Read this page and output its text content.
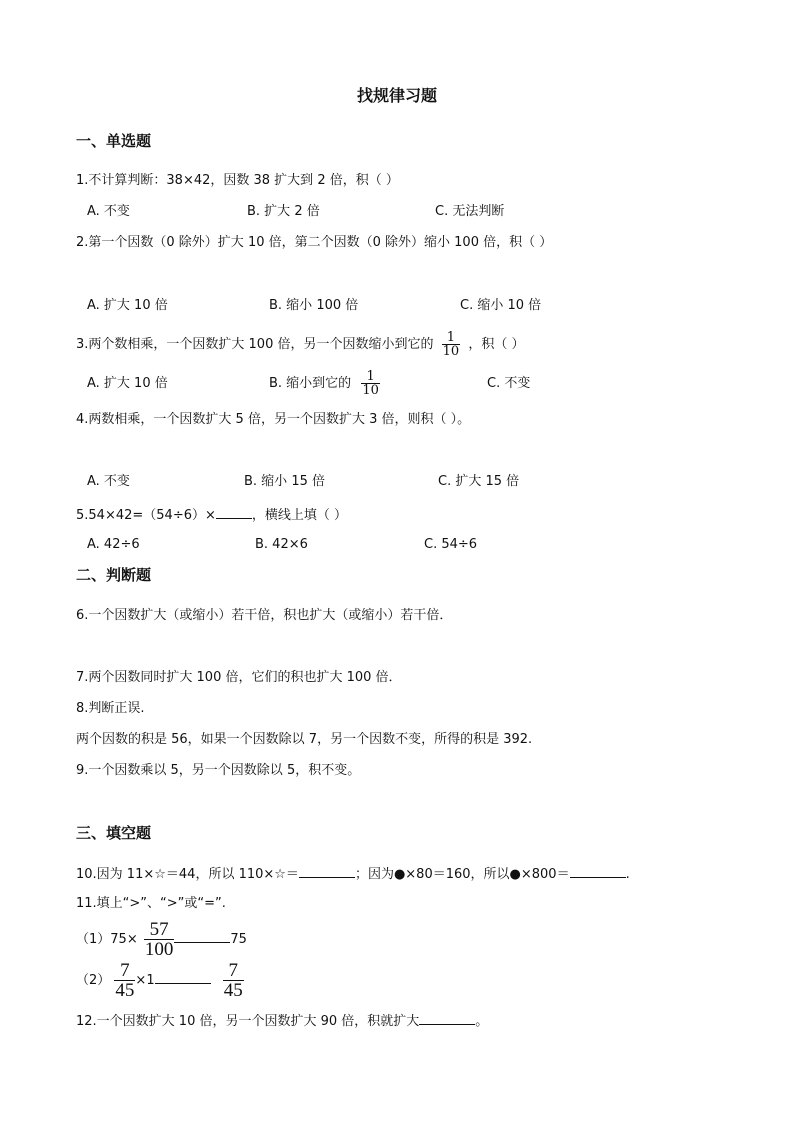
找规律习题
一、单选题
1.不计算判断：38×42，因数 38 扩大到 2 倍，积（ ）
A. 不变	B. 扩大 2 倍	C. 无法判断
2.第一个因数（0 除外）扩大 10 倍，第二个因数（0 除外）缩小 100 倍，积（ ）
A. 扩大 10 倍	B. 缩小 100 倍	C. 缩小 10 倍
3.两个数相乘，一个因数扩大 100 倍，另一个因数缩小到它的 $\frac{1}{10}$ ，积（ ）
A. 扩大 10 倍	B. 缩小到它的 $\frac{1}{10}$	C. 不变
4.两数相乘，一个因数扩大 5 倍，另一个因数扩大 3 倍，则积（ ）。
A. 不变	B. 缩小 15 倍	C. 扩大 15 倍
5.54×42=（54÷6）×	，横线上填（ ）
A. 42÷6	B. 42×6	C. 54÷6
二、判断题
6.一个因数扩大（或缩小）若干倍，积也扩大（或缩小）若干倍．
7.两个因数同时扩大 100 倍，它们的积也扩大 100 倍．
8.判断正误.
两个因数的积是 56，如果一个因数除以 7，另一个因数不变，所得的积是 392.
9.一个因数乘以 5，另一个因数除以 5，积不变。
三、填空题
10.因为 11×☆＝44，所以 110×☆＝	；因为●×80＝160，所以●×800＝	.
11.填上“>”、“>”或“=”.
$(1)75\times \frac{57}{100}$	75
$(2) \frac{7}{45} \times 1$	$\frac{7}{45}$
12.一个因数扩大 10 倍，另一个因数扩大 90 倍，积就扩大	。
